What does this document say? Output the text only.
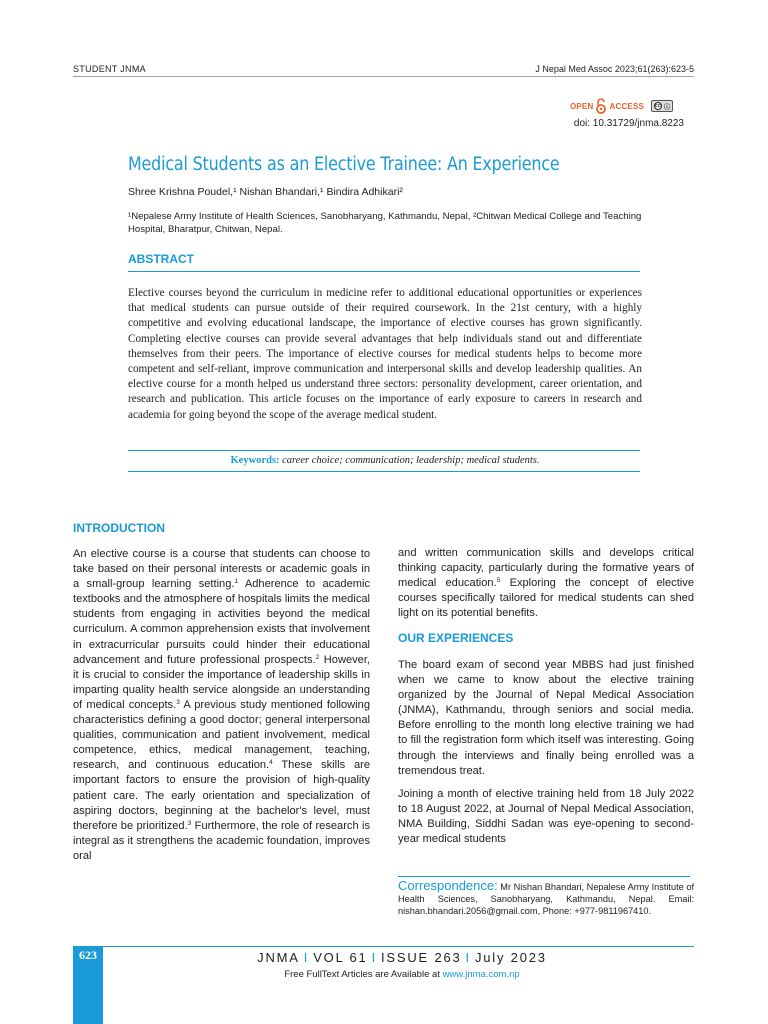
STUDENT JNMA	J Nepal Med Assoc 2023;61(263):623-5
OPEN ACCESS cc ⓘ
doi: 10.31729/jnma.8223
Medical Students as an Elective Trainee: An Experience
Shree Krishna Poudel,¹ Nishan Bhandari,¹ Bindira Adhikari²
¹Nepalese Army Institute of Health Sciences, Sanobharyang, Kathmandu, Nepal, ²Chitwan Medical College and Teaching Hospital, Bharatpur, Chitwan, Nepal.
ABSTRACT
Elective courses beyond the curriculum in medicine refer to additional educational opportunities or experiences that medical students can pursue outside of their required coursework. In the 21st century, with a highly competitive and evolving educational landscape, the importance of elective courses has grown significantly. Completing elective courses can provide several advantages that help individuals stand out and differentiate themselves from their peers. The importance of elective courses for medical students helps to become more competent and self-reliant, improve communication and interpersonal skills and develop leadership qualities. An elective course for a month helped us understand three sectors: personality development, career orientation, and research and publication. This article focuses on the importance of early exposure to careers in research and academia for going beyond the scope of the average medical student.
Keywords: career choice; communication; leadership; medical students.
INTRODUCTION

An elective course is a course that students can choose to take based on their personal interests or academic goals in a small-group learning setting.$^1$ Adherence to academic textbooks and the atmosphere of hospitals limits the medical students from engaging in activities beyond the medical curriculum. A common apprehension exists that involvement in extracurricular pursuits could hinder their educational advancement and future professional prospects.$^2$ However, it is crucial to consider the importance of leadership skills in imparting quality health service alongside an understanding of medical concepts.$^3$ A previous study mentioned following characteristics defining a good doctor; general interpersonal qualities, communication and patient involvement, medical competence, ethics, medical management, teaching, research, and continuous education.$^4$ These skills are important factors to ensure the provision of high-quality patient care. The early orientation and specialization of aspiring doctors, beginning at the bachelor's level, must therefore be prioritized.$^3$ Furthermore, the role of research is integral as it strengthens the academic foundation, improves oral

and written communication skills and develops critical thinking capacity, particularly during the formative years of medical education.$^5$ Exploring the concept of elective courses specifically tailored for medical students can shed light on its potential benefits.

OUR EXPERIENCES

The board exam of second year MBBS had just finished when we came to know about the elective training organized by the Journal of Nepal Medical Association (JNMA), Kathmandu, through seniors and social media. Before enrolling to the month long elective training we had to fill the registration form which itself was interesting. Going through the interviews and finally being enrolled was a tremendous treat.

Joining a month of elective training held from 18 July 2022 to 18 August 2022, at Journal of Nepal Medical Association, NMA Building, Siddhi Sadan was eye-opening to second-year medical students

Correspondence: Mr Nishan Bhandari, Nepalese Army Institute of Health Sciences, Sanobharyang, Kathmandu, Nepal. Email: nishan.bhandari.2056@gmail.com, Phone: +977-9811967410.
623	JNMA I VOL 61 I ISSUE 263 I July 2023
Free FullText Articles are Available at www.jnma.com.np
